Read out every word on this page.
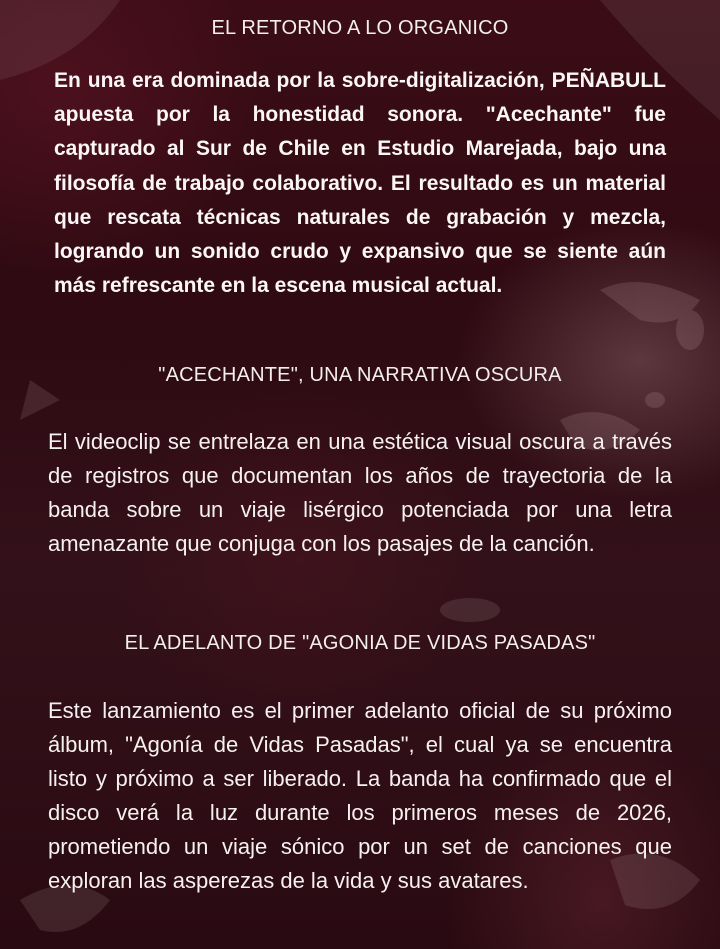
EL RETORNO A LO ORGANICO

En una era dominada por la sobre-digitalización, PEÑABULL apuesta por la honestidad sonora. "Acechante" fue capturado al Sur de Chile en Estudio Marejada, bajo una filosofía de trabajo colaborativo. El resultado es un material que rescata técnicas naturales de grabación y mezcla, logrando un sonido crudo y expansivo que se siente aún más refrescante en la escena musical actual.

"ACECHANTE", UNA NARRATIVA OSCURA

El videoclip se entrelaza en una estética visual oscura a través de registros que documentan los años de trayectoria de la banda sobre un viaje lisérgico potenciada por una letra amenazante que conjuga con los pasajes de la canción.

EL ADELANTO DE "AGONIA DE VIDAS PASADAS"

Este lanzamiento es el primer adelanto oficial de su próximo álbum, "Agonía de Vidas Pasadas", el cual ya se encuentra listo y próximo a ser liberado. La banda ha confirmado que el disco verá la luz durante los primeros meses de 2026, prometiendo un viaje sónico por un set de canciones que exploran las asperezas de la vida y sus avatares.
